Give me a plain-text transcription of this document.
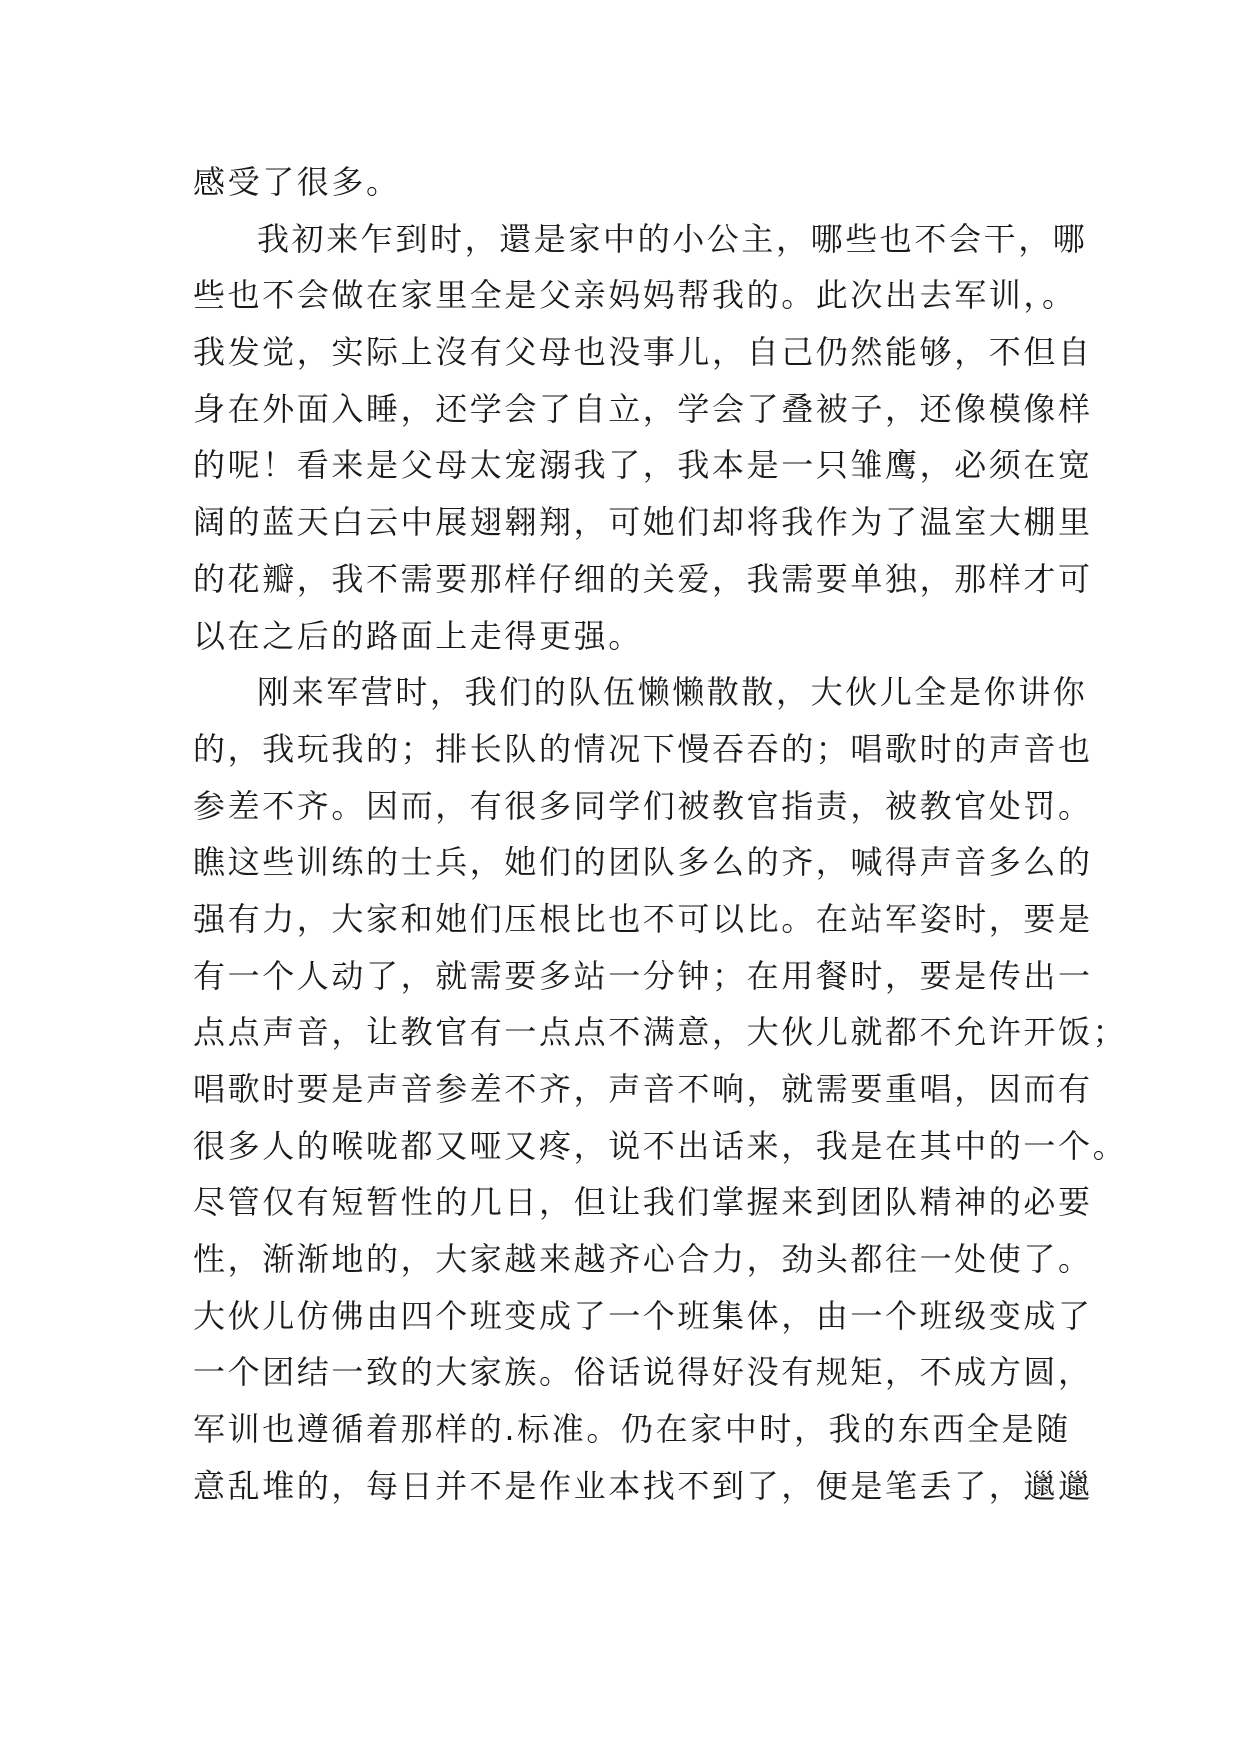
感受了很多。
我初来乍到时，還是家中的小公主，哪些也不会干，哪
些也不会做在家里全是父亲妈妈帮我的。此次出去军训，。
我发觉，实际上沒有父母也没事儿，自己仍然能够，不但自
身在外面入睡，还学会了自立，学会了叠被子，还像模像样
的呢！看来是父母太宠溺我了，我本是一只雏鹰，必须在宽
阔的蓝天白云中展翅翱翔，可她们却将我作为了温室大棚里
的花瓣，我不需要那样仔细的关爱，我需要单独，那样才可
以在之后的路面上走得更强。
刚来军营时，我们的队伍懒懒散散，大伙儿全是你讲你
的，我玩我的；排长队的情况下慢吞吞的；唱歌时的声音也
参差不齐。因而，有很多同学们被教官指责，被教官处罚。
瞧这些训练的士兵，她们的团队多么的齐，喊得声音多么的
强有力，大家和她们压根比也不可以比。在站军姿时，要是
有一个人动了，就需要多站一分钟；在用餐时，要是传出一
点点声音，让教官有一点点不满意，大伙儿就都不允许开饭；
唱歌时要是声音参差不齐，声音不响，就需要重唱，因而有
很多人的喉咙都又哑又疼，说不出话来，我是在其中的一个。
尽管仅有短暂性的几日，但让我们掌握来到团队精神的必要
性，渐渐地的，大家越来越齐心合力，劲头都往一处使了。
大伙儿仿佛由四个班变成了一个班集体，由一个班级变成了
一个团结一致的大家族。俗话说得好没有规矩，不成方圆，
军训也遵循着那样的.标准。仍在家中时，我的东西全是随
意乱堆的，每日并不是作业本找不到了，便是笔丢了，邋邋
